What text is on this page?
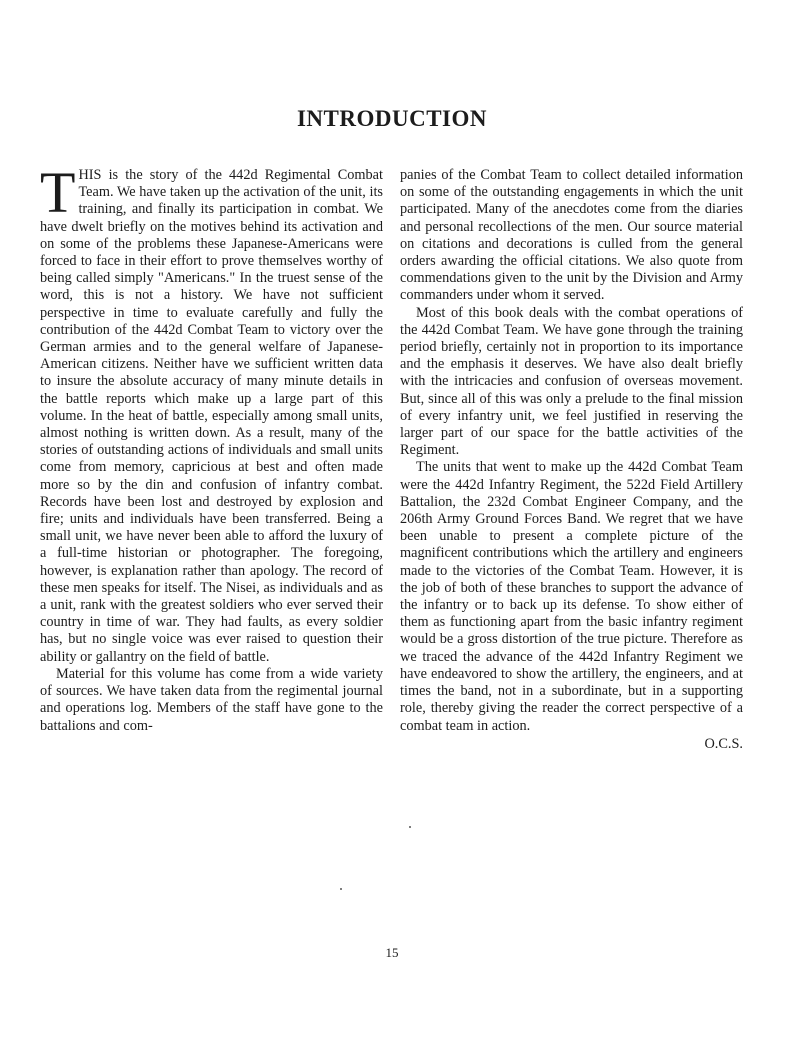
INTRODUCTION

THIS is the story of the 442d Regimental Combat Team. We have taken up the activation of the unit, its training, and finally its participation in combat. We have dwelt briefly on the motives behind its activation and on some of the problems these Japanese-Americans were forced to face in their effort to prove themselves worthy of being called simply "Americans." In the truest sense of the word, this is not a history. We have not sufficient perspective in time to evaluate carefully and fully the contribution of the 442d Combat Team to victory over the German armies and to the general welfare of Japanese-American citizens. Neither have we sufficient written data to insure the absolute accuracy of many minute details in the battle reports which make up a large part of this volume. In the heat of battle, especially among small units, almost nothing is written down. As a result, many of the stories of outstanding actions of individuals and small units come from memory, capricious at best and often made more so by the din and confusion of infantry combat. Records have been lost and destroyed by explosion and fire; units and individuals have been transferred. Being a small unit, we have never been able to afford the luxury of a full-time historian or photographer. The foregoing, however, is explanation rather than apology. The record of these men speaks for itself. The Nisei, as individuals and as a unit, rank with the greatest soldiers who ever served their country in time of war. They had faults, as every soldier has, but no single voice was ever raised to question their ability or gallantry on the field of battle.

Material for this volume has come from a wide variety of sources. We have taken data from the regimental journal and operations log. Members of the staff have gone to the battalions and com-

panies of the Combat Team to collect detailed information on some of the outstanding engagements in which the unit participated. Many of the anecdotes come from the diaries and personal recollections of the men. Our source material on citations and decorations is culled from the general orders awarding the official citations. We also quote from commendations given to the unit by the Division and Army commanders under whom it served.

Most of this book deals with the combat operations of the 442d Combat Team. We have gone through the training period briefly, certainly not in proportion to its importance and the emphasis it deserves. We have also dealt briefly with the intricacies and confusion of overseas movement. But, since all of this was only a prelude to the final mission of every infantry unit, we feel justified in reserving the larger part of our space for the battle activities of the Regiment.

The units that went to make up the 442d Combat Team were the 442d Infantry Regiment, the 522d Field Artillery Battalion, the 232d Combat Engineer Company, and the 206th Army Ground Forces Band. We regret that we have been unable to present a complete picture of the magnificent contributions which the artillery and engineers made to the victories of the Combat Team. However, it is the job of both of these branches to support the advance of the infantry or to back up its defense. To show either of them as functioning apart from the basic infantry regiment would be a gross distortion of the true picture. Therefore as we traced the advance of the 442d Infantry Regiment we have endeavored to show the artillery, the engineers, and at times the band, not in a subordinate, but in a supporting role, thereby giving the reader the correct perspective of a combat team in action.

O.C.S.
15
